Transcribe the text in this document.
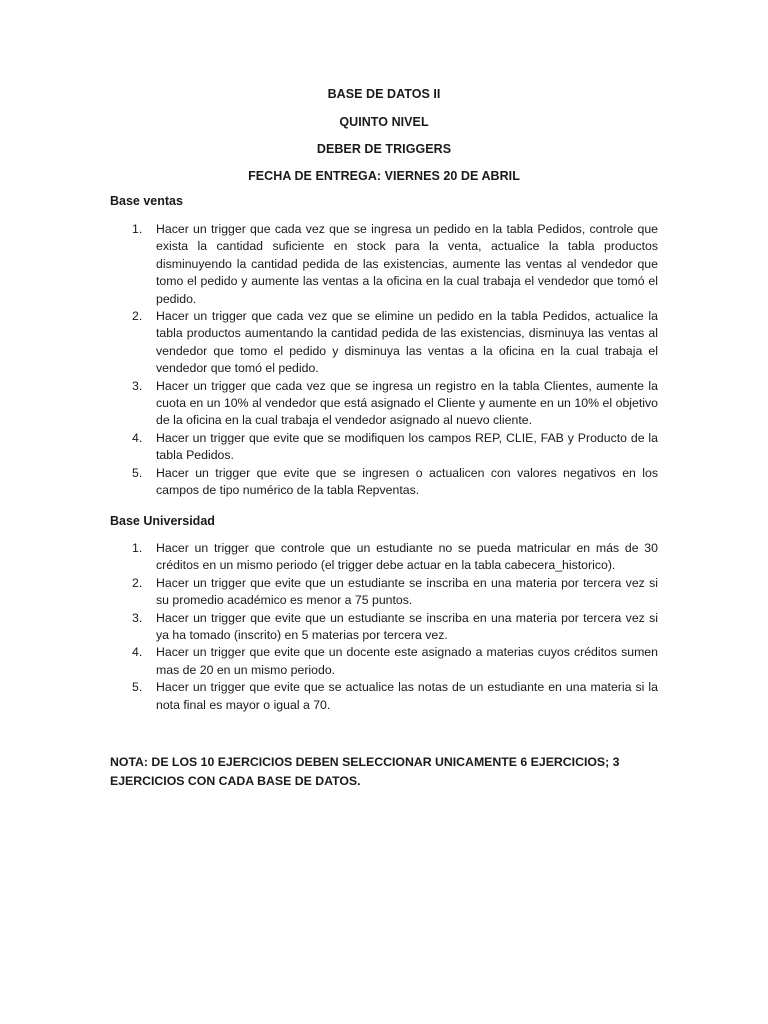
BASE DE DATOS II
QUINTO NIVEL
DEBER DE TRIGGERS
FECHA DE ENTREGA: VIERNES 20 DE ABRIL
Base ventas
1. Hacer un trigger que cada vez que se ingresa un pedido en la tabla Pedidos, controle que exista la cantidad suficiente en stock para la venta, actualice la tabla productos disminuyendo la cantidad pedida de las existencias, aumente las ventas al vendedor que tomo el pedido y aumente las ventas a la oficina en la cual trabaja el vendedor que tomó el pedido.
2. Hacer un trigger que cada vez que se elimine un pedido en la tabla Pedidos, actualice la tabla productos aumentando la cantidad pedida de las existencias, disminuya las ventas al vendedor que tomo el pedido y disminuya las ventas a la oficina en la cual trabaja el vendedor que tomó el pedido.
3. Hacer un trigger que cada vez que se ingresa un registro en la tabla Clientes, aumente la cuota en un 10% al vendedor que está asignado el Cliente y aumente en un 10% el objetivo de la oficina en la cual trabaja el vendedor asignado al nuevo cliente.
4. Hacer un trigger que evite que se modifiquen los campos REP, CLIE, FAB y Producto de la tabla Pedidos.
5. Hacer un trigger que evite que se ingresen o actualicen con valores negativos en los campos de tipo numérico de la tabla Repventas.
Base Universidad
1. Hacer un trigger que controle que un estudiante no se pueda matricular en más de 30 créditos en un mismo periodo (el trigger debe actuar en la tabla cabecera_historico).
2. Hacer un trigger que evite que un estudiante se inscriba en una materia por tercera vez si su promedio académico es menor a 75 puntos.
3. Hacer un trigger que evite que un estudiante se inscriba en una materia por tercera vez si ya ha tomado (inscrito) en 5 materias por tercera vez.
4. Hacer un trigger que evite que un docente este asignado a materias cuyos créditos sumen mas de 20 en un mismo periodo.
5. Hacer un trigger que evite que se actualice las notas de un estudiante en una materia si la nota final es mayor o igual a 70.
NOTA: DE LOS 10 EJERCICIOS DEBEN SELECCIONAR UNICAMENTE 6 EJERCICIOS; 3 EJERCICIOS CON CADA BASE DE DATOS.
